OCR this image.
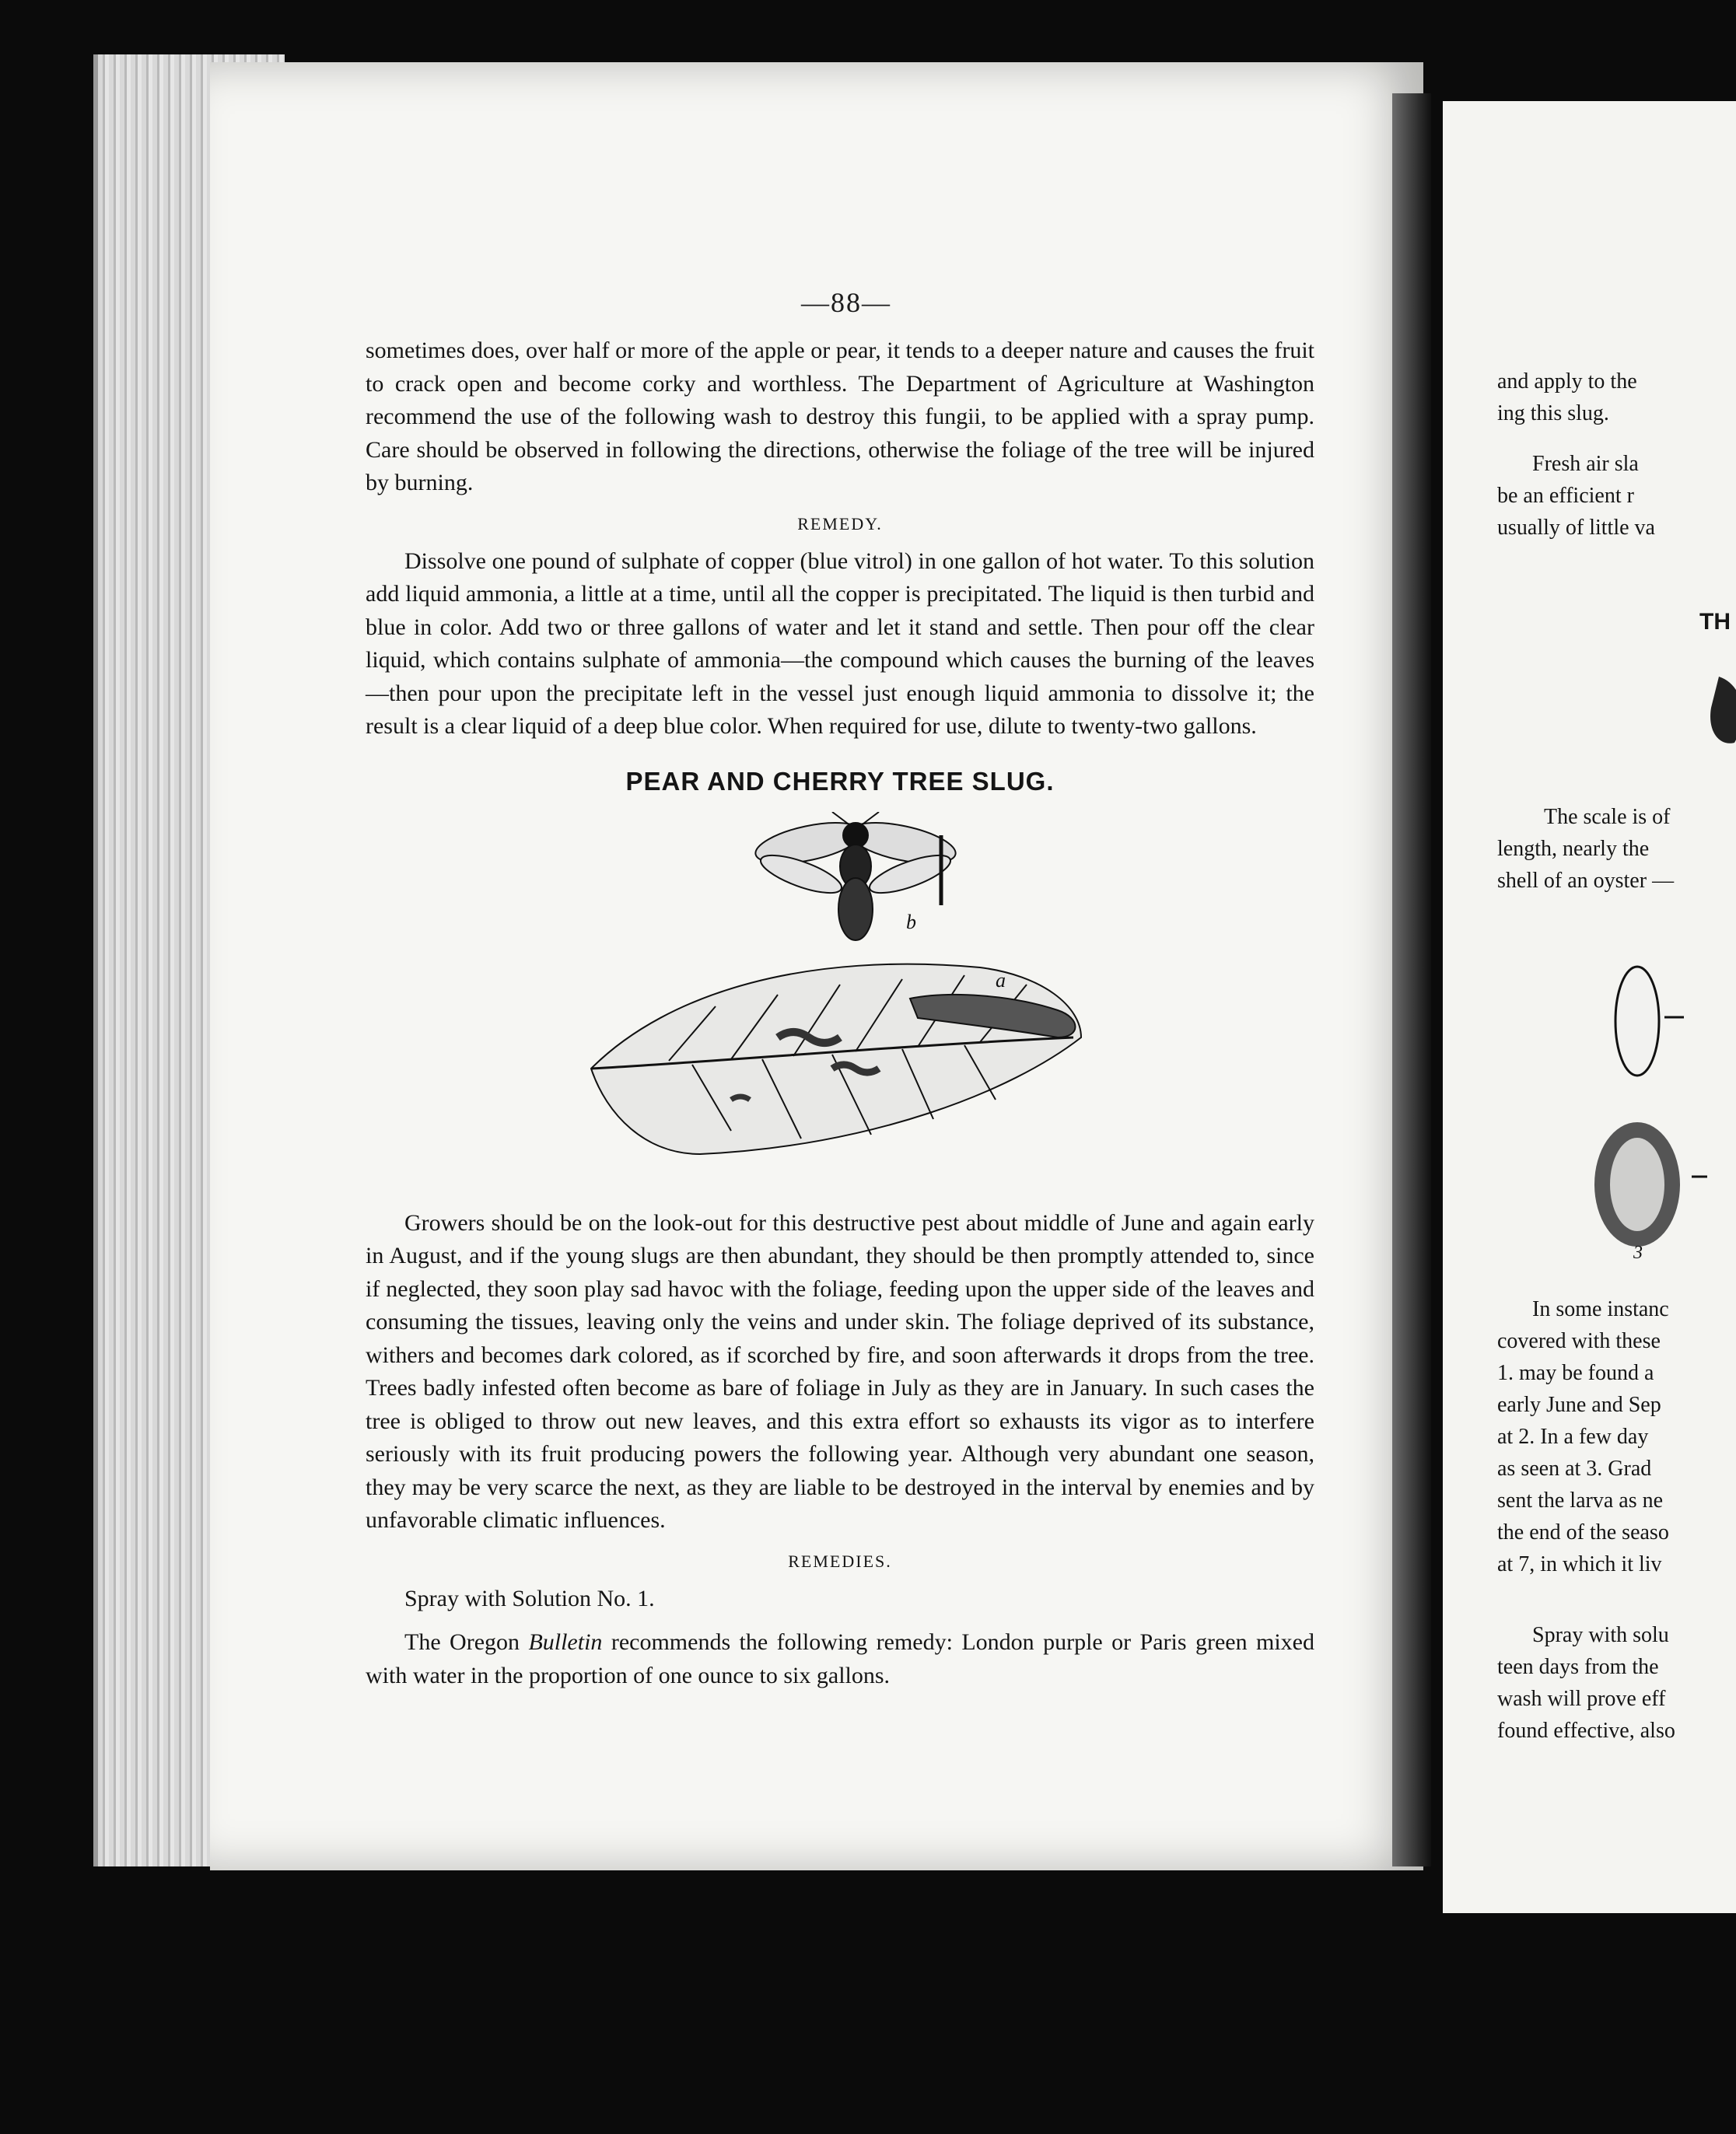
—88—

sometimes does, over half or more of the apple or pear, it tends to a deeper nature and causes the fruit to crack open and become corky and worthless. The Department of Agriculture at Washington recommend the use of the following wash to destroy this fungii, to be applied with a spray pump. Care should be observed in following the directions, otherwise the foliage of the tree will be injured by burning.

REMEDY.

Dissolve one pound of sulphate of copper (blue vitrol) in one gallon of hot water. To this solution add liquid ammonia, a little at a time, until all the copper is precipitated. The liquid is then turbid and blue in color. Add two or three gallons of water and let it stand and settle. Then pour off the clear liquid, which contains sulphate of ammonia—the compound which causes the burning of the leaves—then pour upon the precipitate left in the vessel just enough liquid ammonia to dissolve it; the result is a clear liquid of a deep blue color. When required for use, dilute to twenty-two gallons.

PEAR AND CHERRY TREE SLUG.
b
a

Growers should be on the look-out for this destructive pest about middle of June and again early in August, and if the young slugs are then abundant, they should be then promptly attended to, since if neglected, they soon play sad havoc with the foliage, feeding upon the upper side of the leaves and consuming the tissues, leaving only the veins and under skin. The foliage deprived of its substance, withers and becomes dark colored, as if scorched by fire, and soon afterwards it drops from the tree. Trees badly infested often become as bare of foliage in July as they are in January. In such cases the tree is obliged to throw out new leaves, and this extra effort so exhausts its vigor as to interfere seriously with its fruit producing powers the following year. Although very abundant one season, they may be very scarce the next, as they are liable to be destroyed in the interval by enemies and by unfavorable climatic influences.

REMEDIES.

Spray with Solution No. 1.

The Oregon Bulletin recommends the following remedy: London purple or Paris green mixed with water in the proportion of one ounce to six gallons.

and apply to the
ing this slug.
Fresh air sla
be an efficient r
usually of little va
TH
The scale is of
length, nearly the
shell of an oyster —
3
In some instanc
covered with these
1. may be found a
early June and Sep
at 2. In a few day
as seen at 3. Grad
sent the larva as ne
the end of the seaso
at 7, in which it liv
Spray with solu
teen days from the
wash will prove eff
found effective, also
